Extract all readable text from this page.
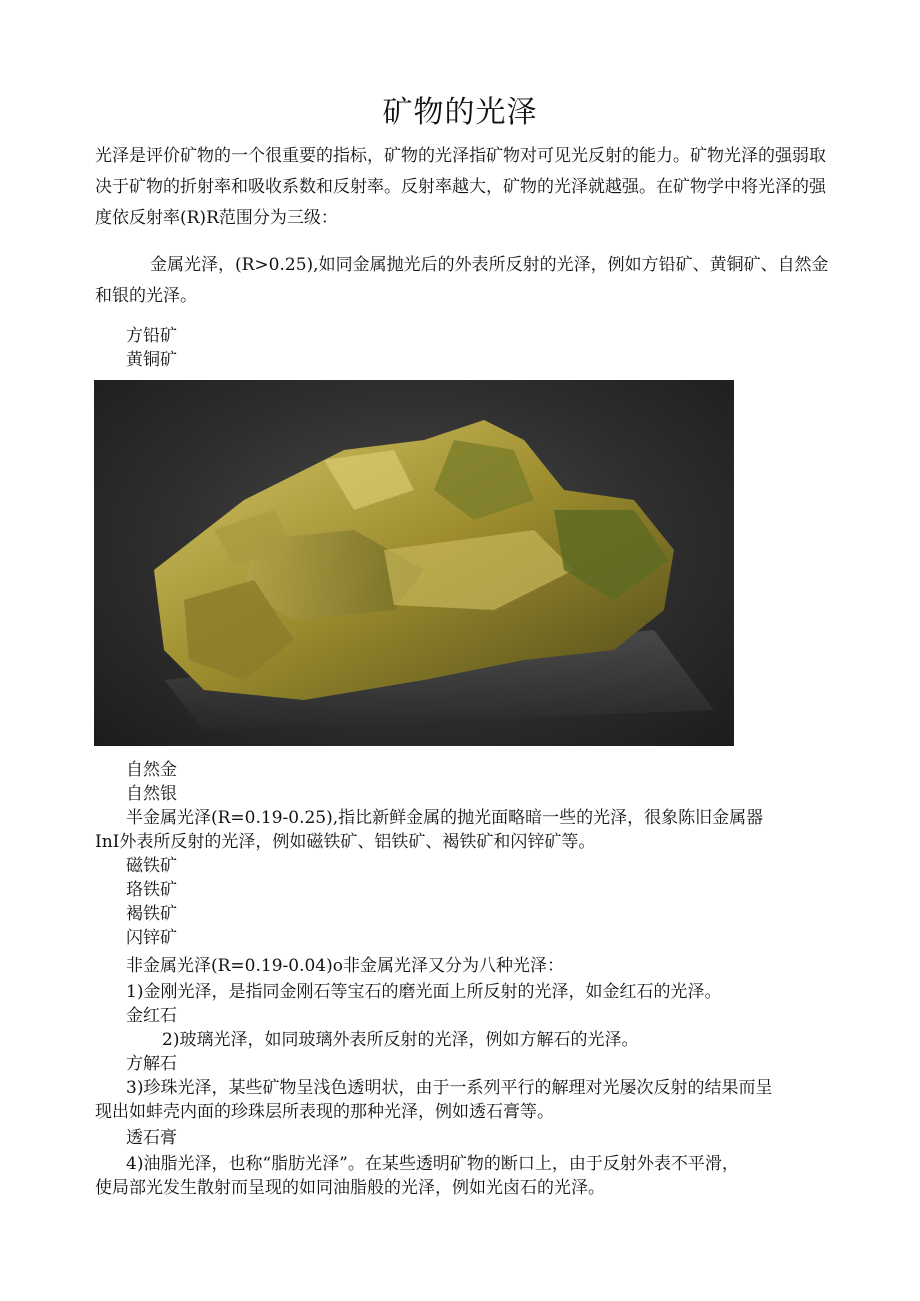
矿物的光泽

光泽是评价矿物的一个很重要的指标，矿物的光泽指矿物对可见光反射的能力。矿物光泽的强弱取决于矿物的折射率和吸收系数和反射率。反射率越大，矿物的光泽就越强。在矿物学中将光泽的强度依反射率(R)R范围分为三级：

金属光泽，(R>0.25),如同金属抛光后的外表所反射的光泽，例如方铅矿、黄铜矿、自然金和银的光泽。

方铅矿
黄铜矿
自然金
自然银
半金属光泽(R=0.19-0.25),指比新鲜金属的抛光面略暗一些的光泽，很象陈旧金属器
InI外表所反射的光泽，例如磁铁矿、铝铁矿、褐铁矿和闪锌矿等。
磁铁矿
珞铁矿
褐铁矿
闪锌矿
非金属光泽(R=0.19-0.04)o非金属光泽又分为八种光泽：
1)金刚光泽，是指同金刚石等宝石的磨光面上所反射的光泽，如金红石的光泽。
金红石
2)玻璃光泽，如同玻璃外表所反射的光泽，例如方解石的光泽。
方解石
3)珍珠光泽，某些矿物呈浅色透明状，由于一系列平行的解理对光屡次反射的结果而呈
现出如蚌壳内面的珍珠层所表现的那种光泽，例如透石膏等。
透石膏
4)油脂光泽，也称“脂肪光泽”。在某些透明矿物的断口上，由于反射外表不平滑，
使局部光发生散射而呈现的如同油脂般的光泽，例如光卤石的光泽。
